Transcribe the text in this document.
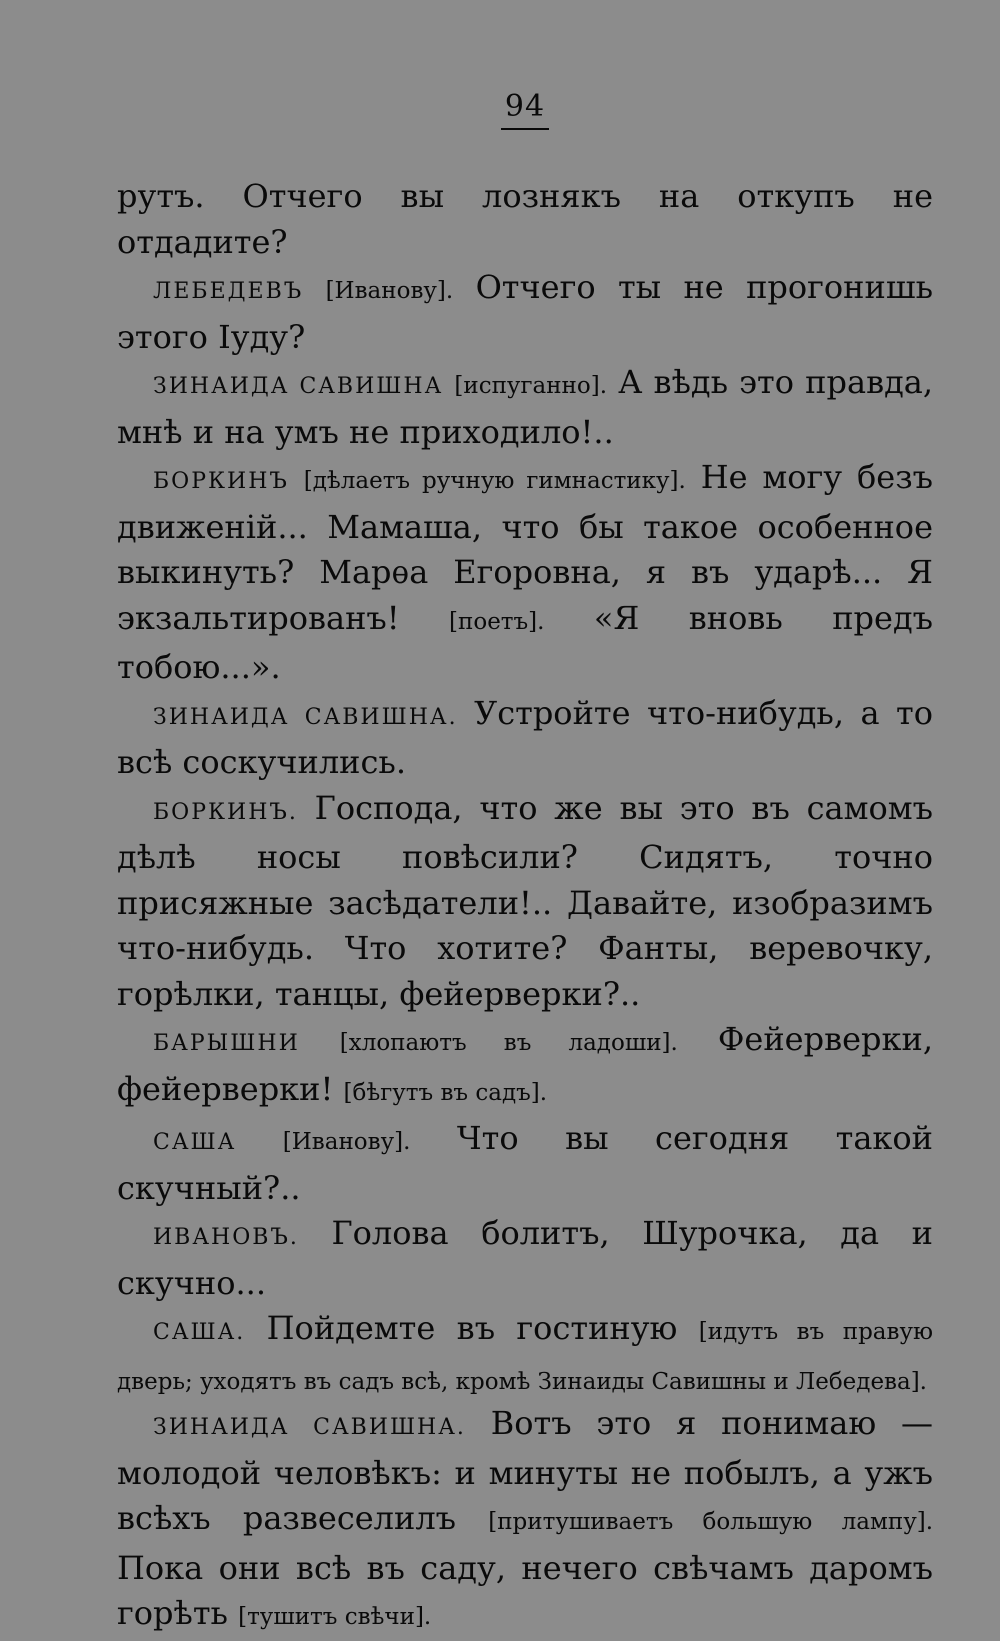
94

рутъ. Отчего вы лознякъ на откупъ не отдадите?

ЛЕБЕДЕВЪ [Иванову]. Отчего ты не прогонишь этого Іуду?

ЗИНАИДА САВИШНА [испуганно]. А вѣдь это правда, мнѣ и на умъ не приходило!..

БОРКИНЪ [дѣлаетъ ручную гимнастику]. Не могу безъ движеній... Мамаша, что бы такое особенное выкинуть? Марѳа Егоровна, я въ ударѣ... Я экзальтированъ! [поетъ]. «Я вновь предъ тобою...».

ЗИНАИДА САВИШНА. Устройте что-нибудь, а то всѣ соскучились.

БОРКИНЪ. Господа, что же вы это въ самомъ дѣлѣ носы повѣсили? Сидятъ, точно присяжные засѣдатели!.. Давайте, изобразимъ что-нибудь. Что хотите? Фанты, веревочку, горѣлки, танцы, фейерверки?..

БАРЫШНИ [хлопаютъ въ ладоши]. Фейерверки, фейерверки! [бѣгутъ въ садъ].

САША [Иванову]. Что вы сегодня такой скучный?..

ИВАНОВЪ. Голова болитъ, Шурочка, да и скучно...

САША. Пойдемте въ гостиную [идутъ въ правую дверь; уходятъ въ садъ всѣ, кромѣ Зинаиды Савишны и Лебедева].

ЗИНАИДА САВИШНА. Вотъ это я понимаю — молодой человѣкъ: и минуты не побылъ, а ужъ всѣхъ развеселилъ [притушиваетъ большую лампу]. Пока они всѣ въ саду, нечего свѣчамъ даромъ горѣть [тушитъ свѣчи].
